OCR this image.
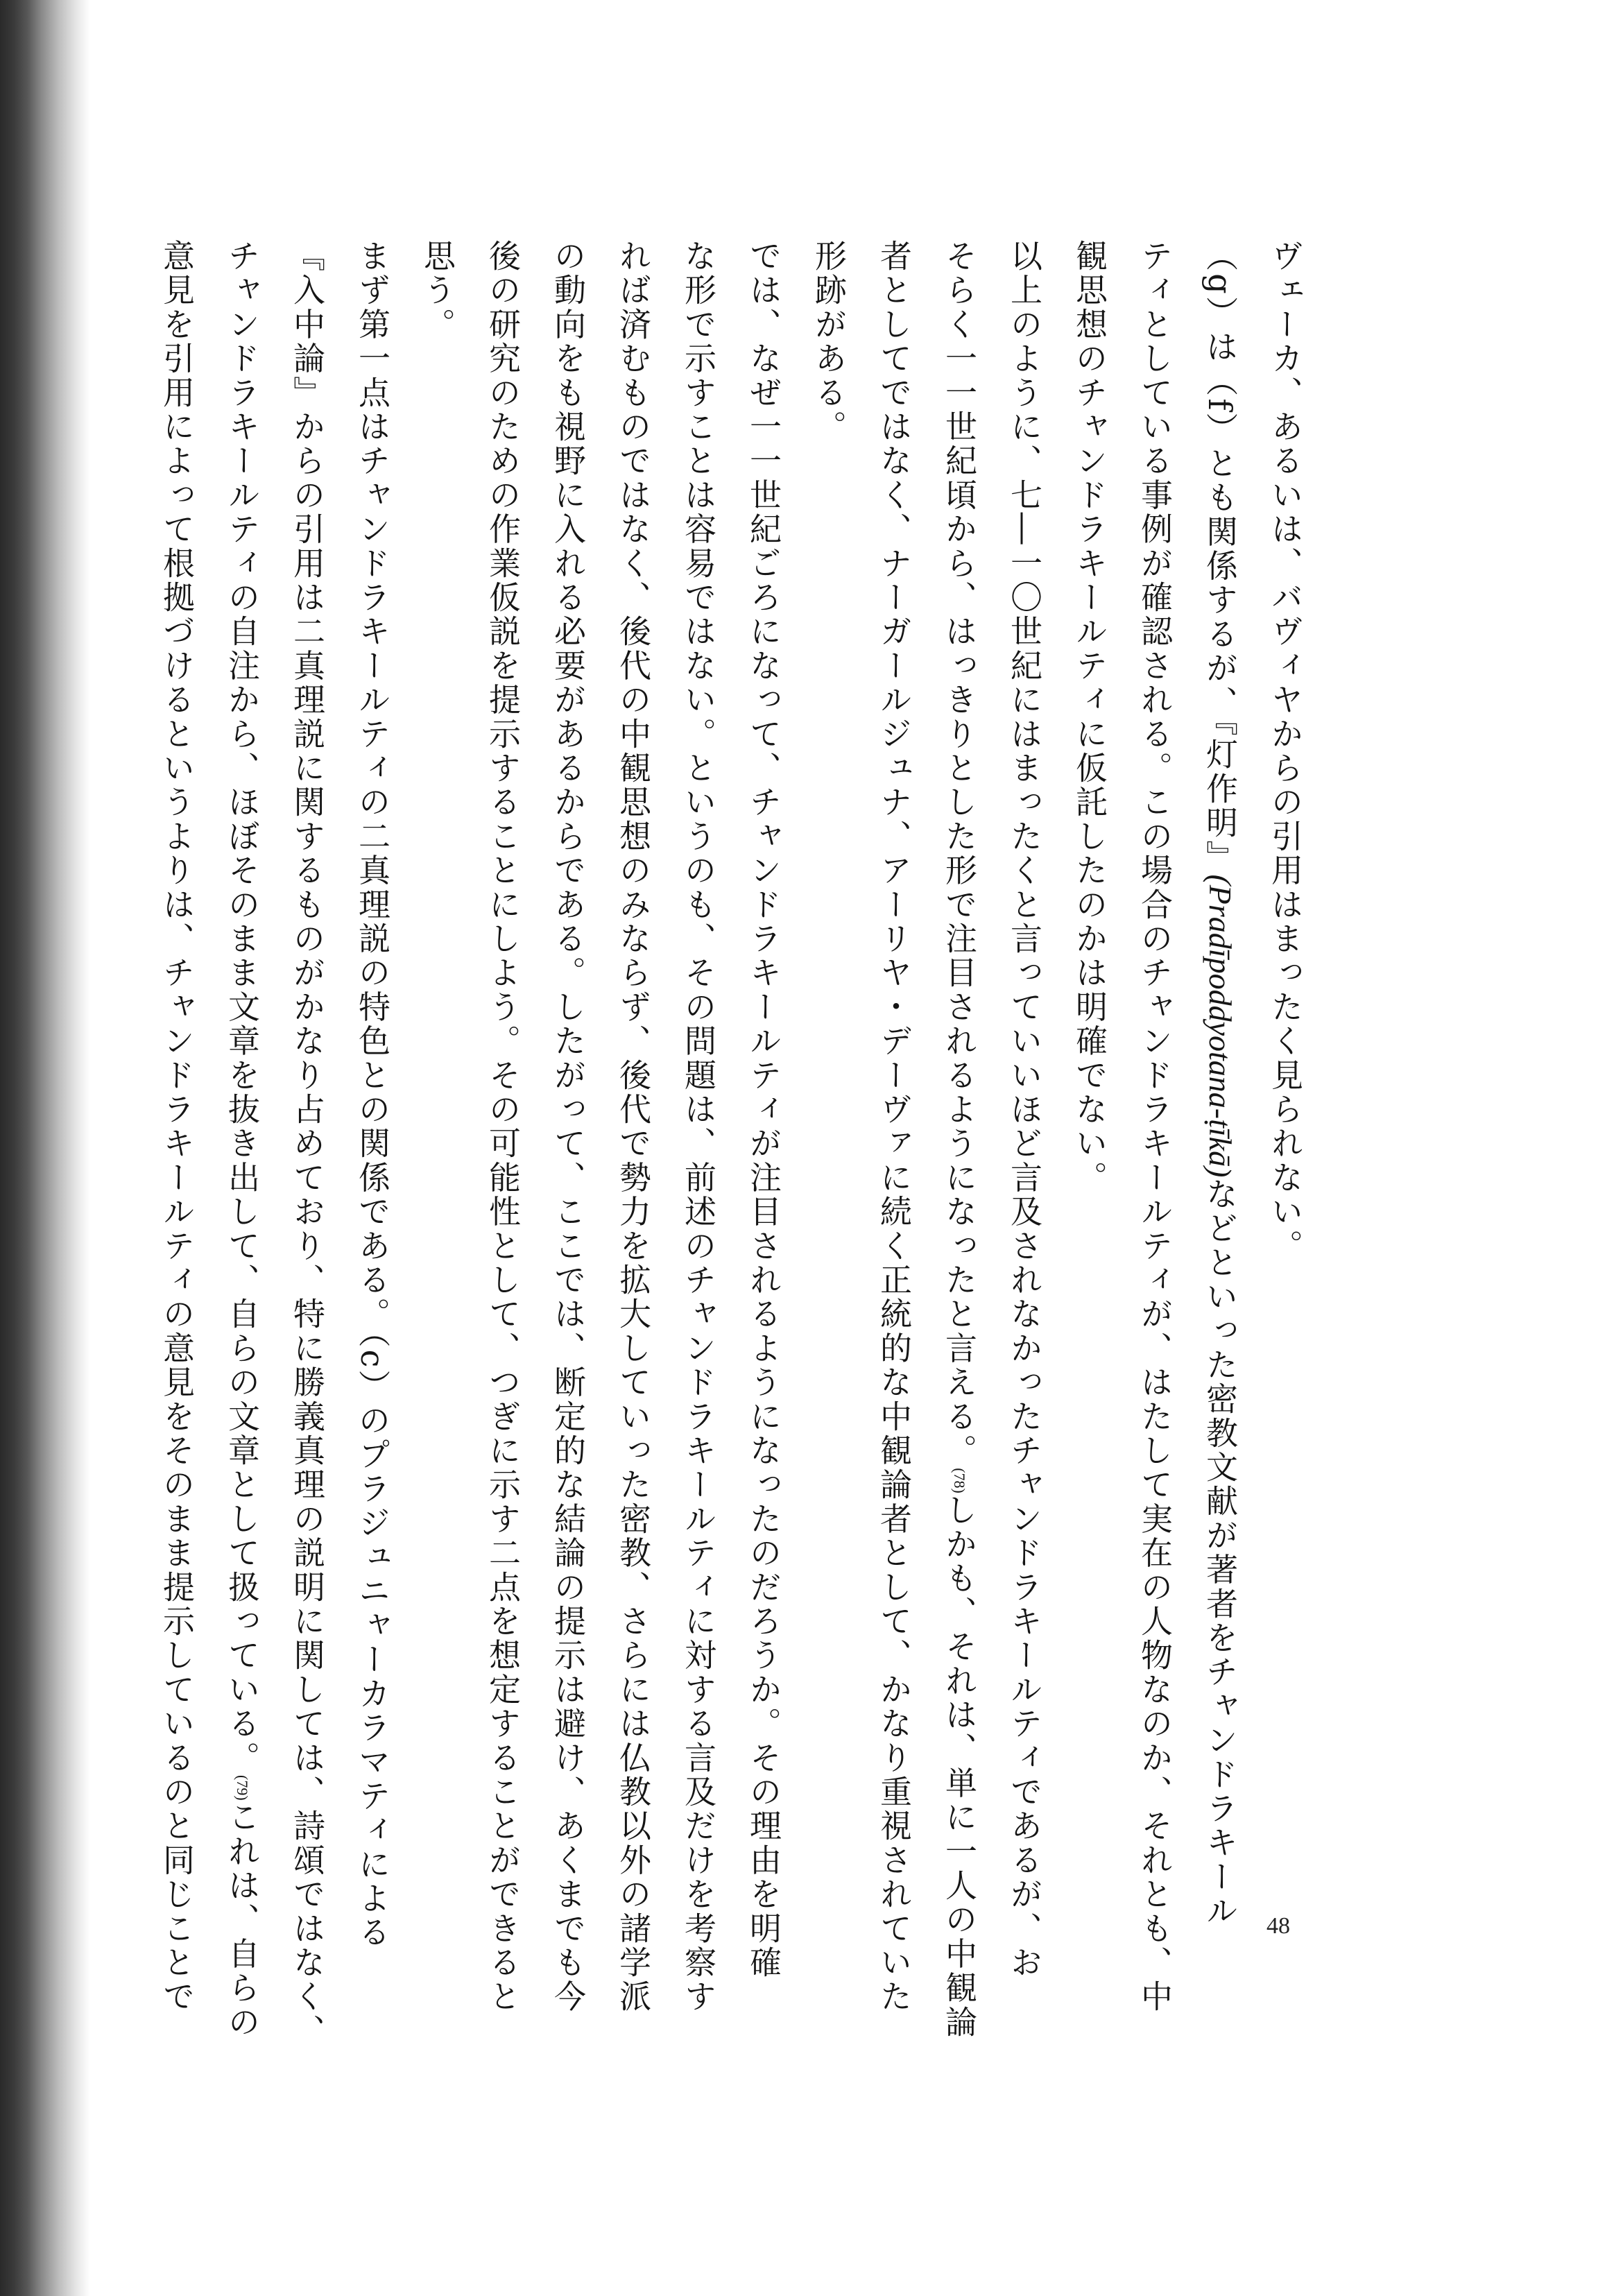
ヴェーカ、あるいは、バヴィヤからの引用はまったく見られない。
（g）は（f）とも関係するが、『灯作明』(Pradīpoddyotana-ṭīkā)などといった密教文献が著者をチャンドラキール
ティとしている事例が確認される。この場合のチャンドラキールティが、はたして実在の人物なのか、それとも、中
観思想のチャンドラキールティに仮託したのかは明確でない。
以上のように、七―一〇世紀にはまったくと言っていいほど言及されなかったチャンドラキールティであるが、お
そらく一一世紀頃から、はっきりとした形で注目されるようになったと言える。(78)しかも、それは、単に一人の中観論
者としてではなく、ナーガールジュナ、アーリヤ・デーヴァに続く正統的な中観論者として、かなり重視されていた
形跡がある。
では、なぜ一一世紀ごろになって、チャンドラキールティが注目されるようになったのだろうか。その理由を明確
な形で示すことは容易ではない。というのも、その問題は、前述のチャンドラキールティに対する言及だけを考察す
れば済むものではなく、後代の中観思想のみならず、後代で勢力を拡大していった密教、さらには仏教以外の諸学派
の動向をも視野に入れる必要があるからである。したがって、ここでは、断定的な結論の提示は避け、あくまでも今
後の研究のための作業仮説を提示することにしよう。その可能性として、つぎに示す二点を想定することができると
思う。
まず第一点はチャンドラキールティの二真理説の特色との関係である。（c）のプラジュニャーカラマティによる
『入中論』からの引用は二真理説に関するものがかなり占めており、特に勝義真理の説明に関しては、詩頌ではなく、
チャンドラキールティの自注から、ほぼそのまま文章を抜き出して、自らの文章として扱っている。(79)これは、自らの
意見を引用によって根拠づけるというよりは、チャンドラキールティの意見をそのまま提示しているのと同じことで	48
